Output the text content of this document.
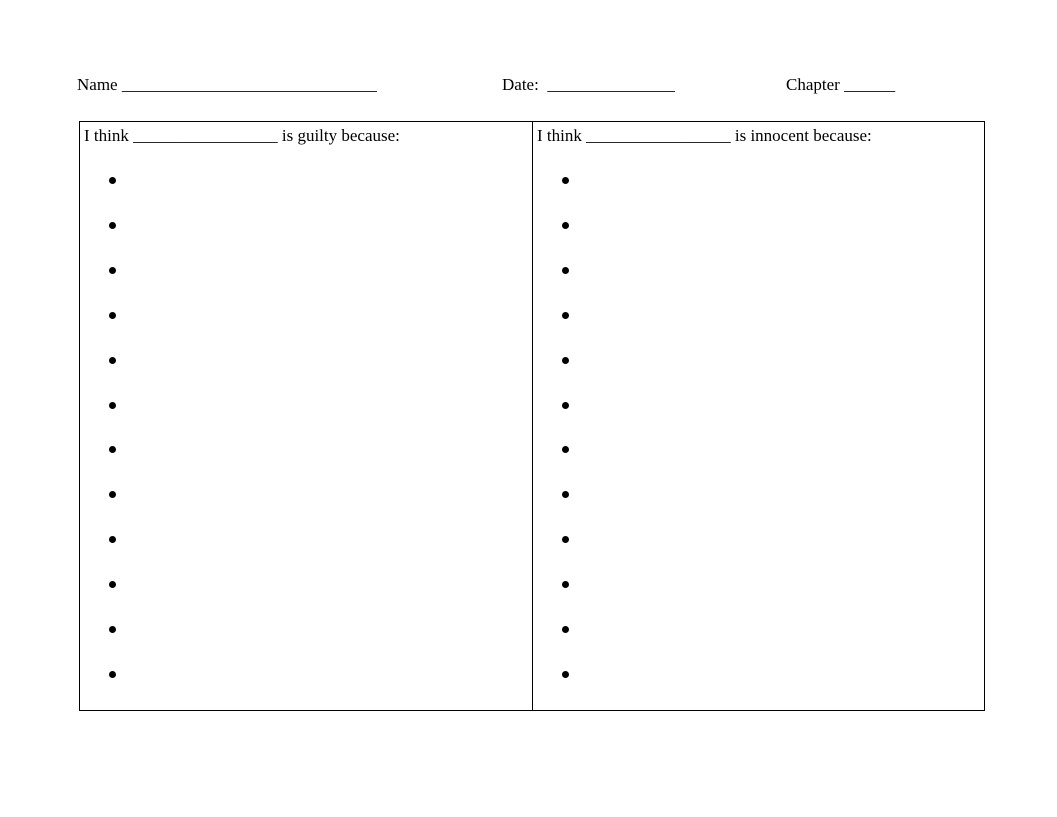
Name ______________________________	Date:  _______________	Chapter ______
I think _________________ is guilty because:	I think _________________ is innocent because:
